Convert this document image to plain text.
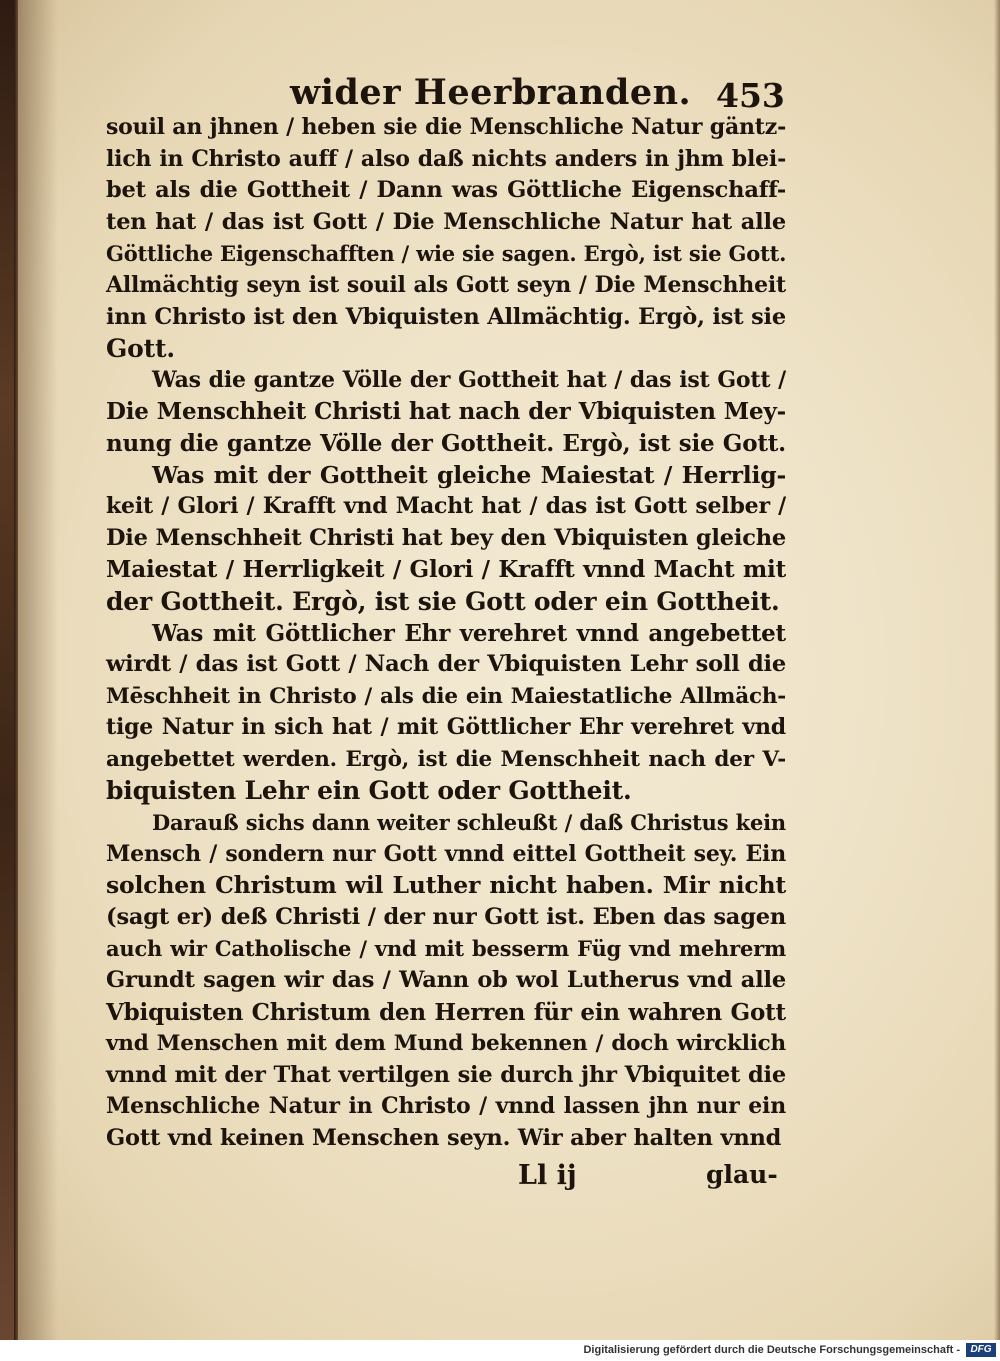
wider Heerbranden. 453
souil an jhnen / heben sie die Menschliche Natur gäntz-
lich in Christo auff / also daß nichts anders in jhm blei-
bet als die Gottheit / Dann was Göttliche Eigenschaff-
ten hat / das ist Gott / Die Menschliche Natur hat alle
Göttliche Eigenschafften / wie sie sagen. Ergò, ist sie Gott.
Allmächtig seyn ist souil als Gott seyn / Die Menschheit
inn Christo ist den Vbiquisten Allmächtig. Ergò, ist sie
Gott.
Was die gantze Völle der Gottheit hat / das ist Gott /
Die Menschheit Christi hat nach der Vbiquisten Mey-
nung die gantze Völle der Gottheit. Ergò, ist sie Gott.
Was mit der Gottheit gleiche Maiestat / Herrlig-
keit / Glori / Krafft vnd Macht hat / das ist Gott selber /
Die Menschheit Christi hat bey den Vbiquisten gleiche
Maiestat / Herrligkeit / Glori / Krafft vnnd Macht mit
der Gottheit. Ergò, ist sie Gott oder ein Gottheit.
Was mit Göttlicher Ehr verehret vnnd angebettet
wirdt / das ist Gott / Nach der Vbiquisten Lehr soll die
Mēschheit in Christo / als die ein Maiestatliche Allmäch-
tige Natur in sich hat / mit Göttlicher Ehr verehret vnd
angebettet werden. Ergò, ist die Menschheit nach der V-
biquisten Lehr ein Gott oder Gottheit.
Darauß sichs dann weiter schleußt / daß Christus kein
Mensch / sondern nur Gott vnnd eittel Gottheit sey. Ein
solchen Christum wil Luther nicht haben. Mir nicht
(sagt er) deß Christi / der nur Gott ist. Eben das sagen
auch wir Catholische / vnd mit besserm Füg vnd mehrerm
Grundt sagen wir das / Wann ob wol Lutherus vnd alle
Vbiquisten Christum den Herren für ein wahren Gott
vnd Menschen mit dem Mund bekennen / doch wircklich
vnnd mit der That vertilgen sie durch jhr Vbiquitet die
Menschliche Natur in Christo / vnnd lassen jhn nur ein
Gott vnd keinen Menschen seyn. Wir aber halten vnnd
Ll ij	glau-
Digitalisierung gefördert durch die Deutsche Forschungsgemeinschaft -	DFG
